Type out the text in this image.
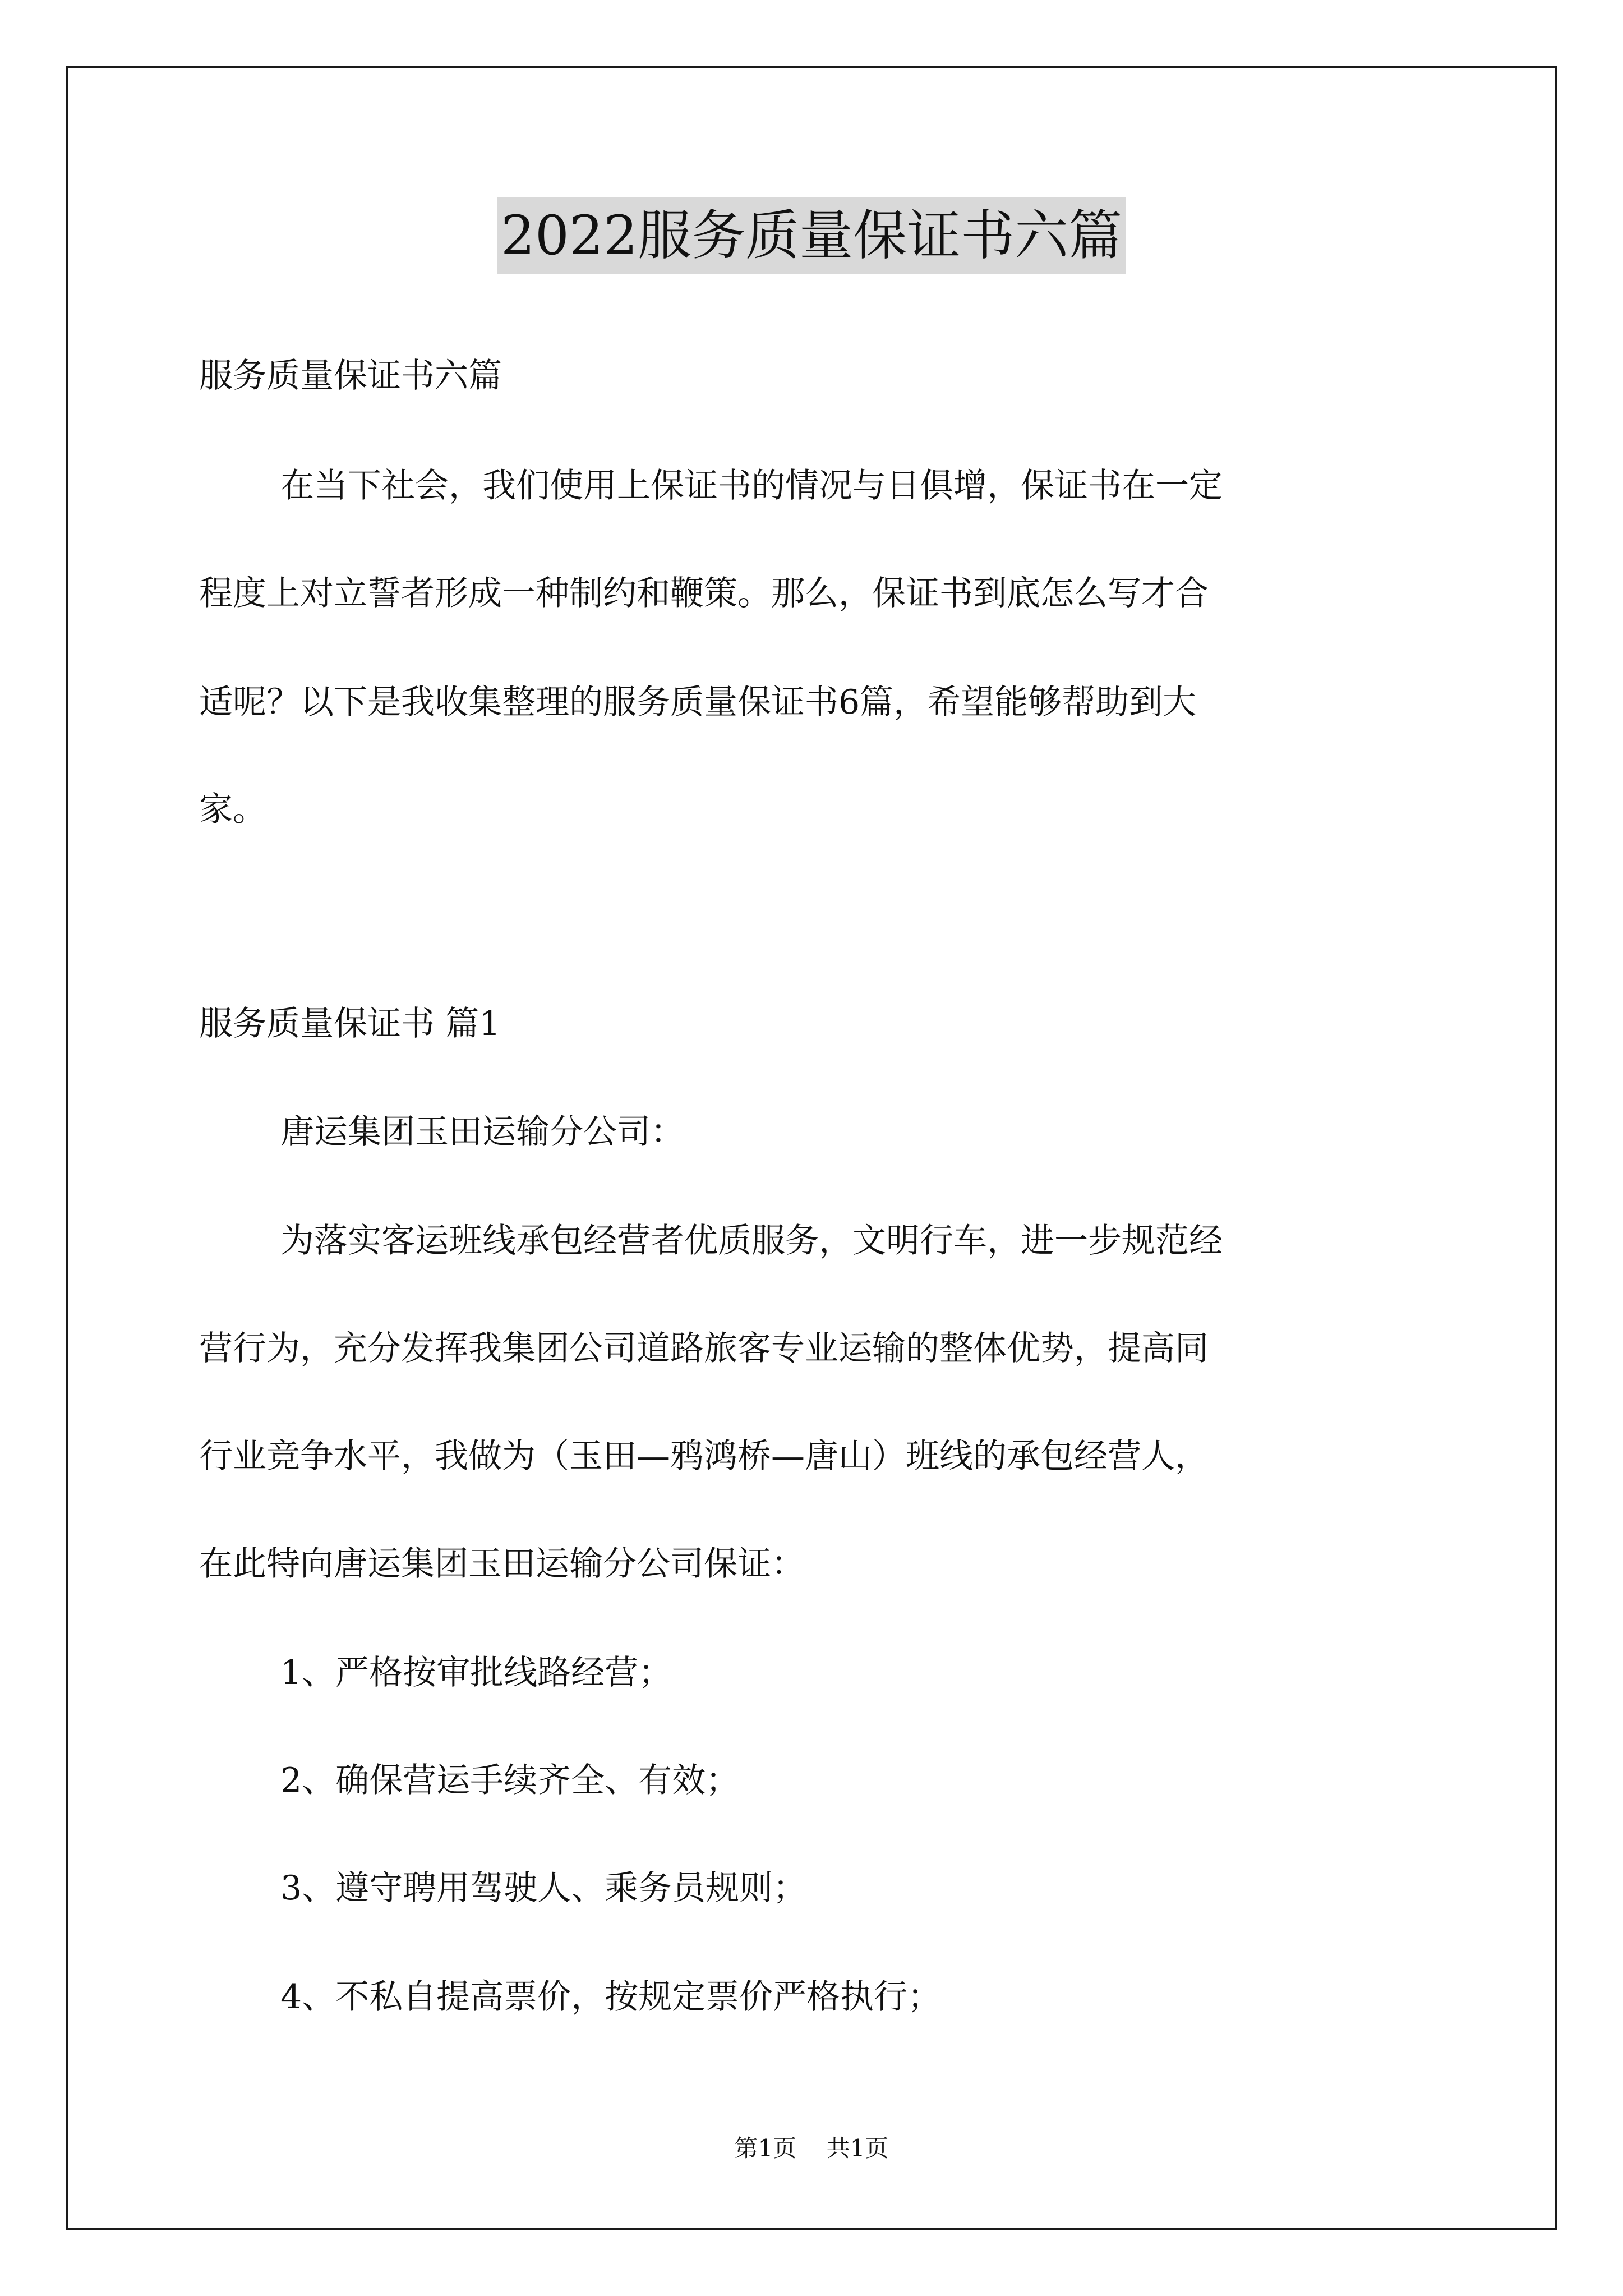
2022服务质量保证书六篇
服务质量保证书六篇
在当下社会，我们使用上保证书的情况与日俱增，保证书在一定
程度上对立誓者形成一种制约和鞭策。那么，保证书到底怎么写才合
适呢？以下是我收集整理的服务质量保证书6篇，希望能够帮助到大
家。
服务质量保证书 篇1
唐运集团玉田运输分公司：
为落实客运班线承包经营者优质服务，文明行车，进一步规范经
营行为，充分发挥我集团公司道路旅客专业运输的整体优势，提高同
行业竞争水平，我做为（玉田—鸦鸿桥—唐山）班线的承包经营人，
在此特向唐运集团玉田运输分公司保证：
1、严格按审批线路经营；
2、确保营运手续齐全、有效；
3、遵守聘用驾驶人、乘务员规则；
4、不私自提高票价，按规定票价严格执行；
第1页 共1页
